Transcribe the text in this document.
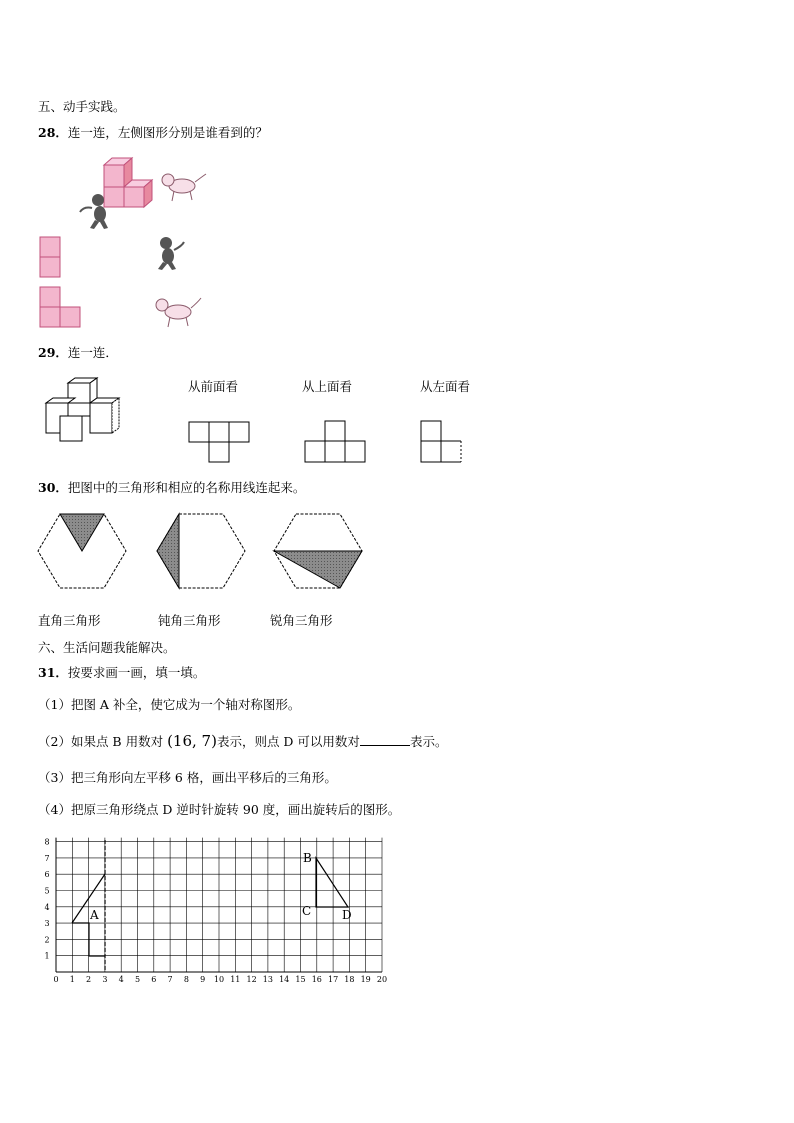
五、动手实践。
28．连一连，左侧图形分别是谁看到的？
29．连一连．
从前面看	从上面看	从左面看
30．把图中的三角形和相应的名称用线连起来。
直角三角形	钝角三角形	锐角三角形
六、生活问题我能解决。
31．按要求画一画，填一填。
（1）把图 A 补全，使它成为一个轴对称图形。
（2）如果点 B 用数对 (16, 7)表示，则点 D 可以用数对	表示。
（3）把三角形向左平移 6 格，画出平移后的三角形。
（4）把原三角形绕点 D 逆时针旋转 90 度，画出旋转后的图形。
0 1 2 3 4 5 6 7 8 9 10 11 12 13 14 15 16 17 18 19 20
1
2
3
4
5
6
7
8
B
C	D
A
